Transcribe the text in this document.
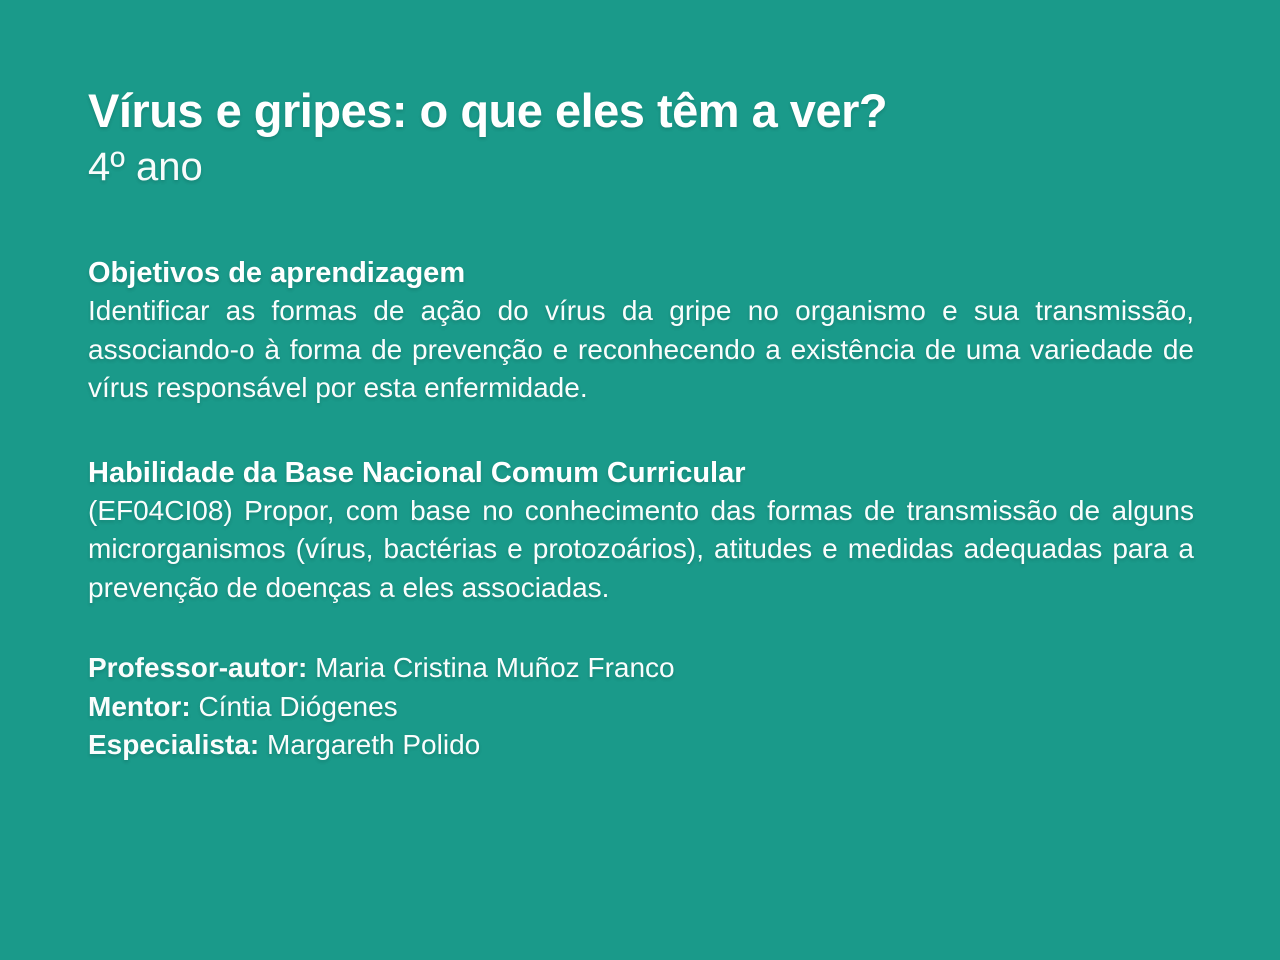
Vírus e gripes: o que eles têm a ver?

4º ano

Objetivos de aprendizagem

Identificar as formas de ação do vírus da gripe no organismo e sua transmissão, associando-o à forma de prevenção e reconhecendo a existência de uma variedade de vírus responsável por esta enfermidade.

Habilidade da Base Nacional Comum Curricular

(EF04CI08) Propor, com base no conhecimento das formas de transmissão de alguns microrganismos (vírus, bactérias e protozoários), atitudes e medidas adequadas para a prevenção de doenças a eles associadas.

Professor-autor: Maria Cristina Muñoz Franco
Mentor: Cíntia Diógenes
Especialista: Margareth Polido
